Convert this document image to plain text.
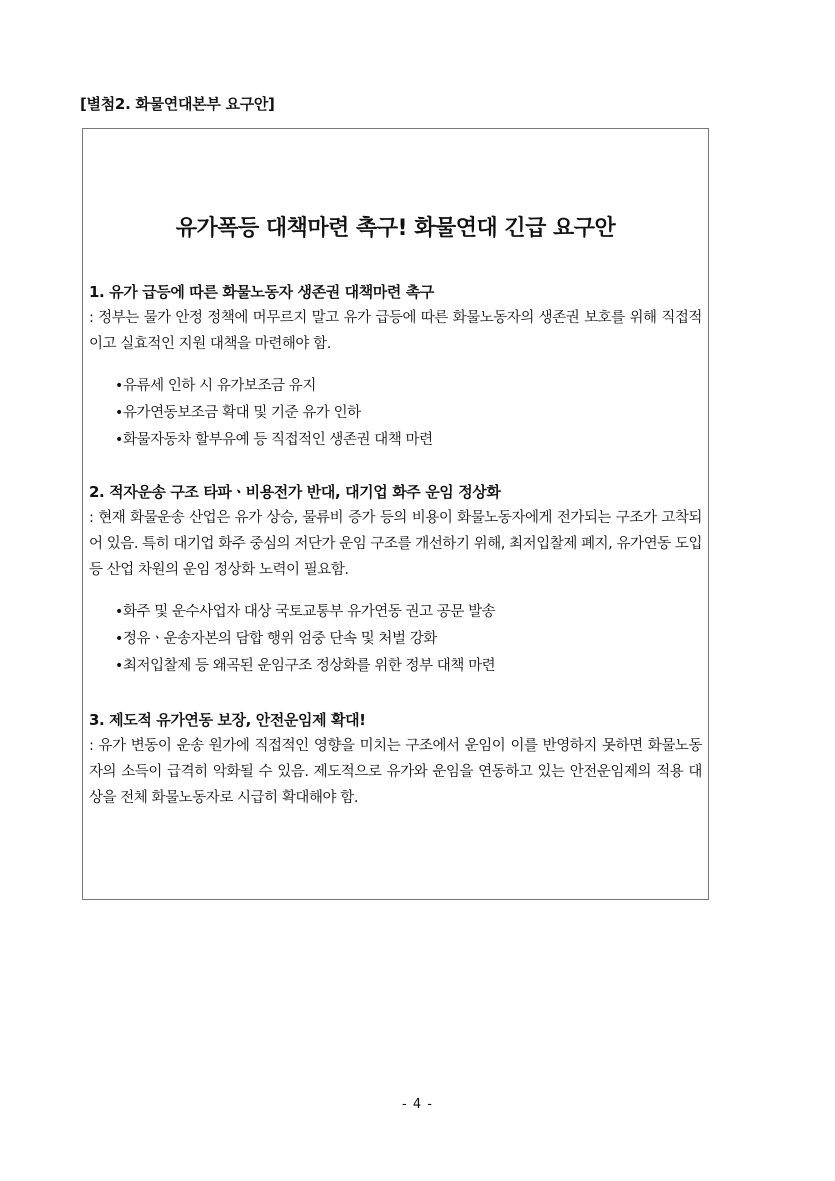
[별첨2. 화물연대본부 요구안]
유가폭등 대책마련 촉구! 화물연대 긴급 요구안
1. 유가 급등에 따른 화물노동자 생존권 대책마련 촉구

: 정부는 물가 안정 정책에 머무르지 말고 유가 급등에 따른 화물노동자의 생존권 보호를 위해 직접적이고 실효적인 지원 대책을 마련해야 함.

• 유류세 인하 시 유가보조금 유지
• 유가연동보조금 확대 및 기준 유가 인하
• 화물자동차 할부유예 등 직접적인 생존권 대책 마련
2. 적자운송 구조 타파ㆍ비용전가 반대, 대기업 화주 운임 정상화

: 현재 화물운송 산업은 유가 상승, 물류비 증가 등의 비용이 화물노동자에게 전가되는 구조가 고착되어 있음. 특히 대기업 화주 중심의 저단가 운임 구조를 개선하기 위해, 최저입찰제 폐지, 유가연동 도입 등 산업 차원의 운임 정상화 노력이 필요함.

• 화주 및 운수사업자 대상 국토교통부 유가연동 권고 공문 발송
• 정유ㆍ운송자본의 담합 행위 엄중 단속 및 처벌 강화
• 최저입찰제 등 왜곡된 운임구조 정상화를 위한 정부 대책 마련
3. 제도적 유가연동 보장, 안전운임제 확대!

: 유가 변동이 운송 원가에 직접적인 영향을 미치는 구조에서 운임이 이를 반영하지 못하면 화물노동자의 소득이 급격히 악화될 수 있음. 제도적으로 유가와 운임을 연동하고 있는 안전운임제의 적용 대상을 전체 화물노동자로 시급히 확대해야 함.

- 4 -
